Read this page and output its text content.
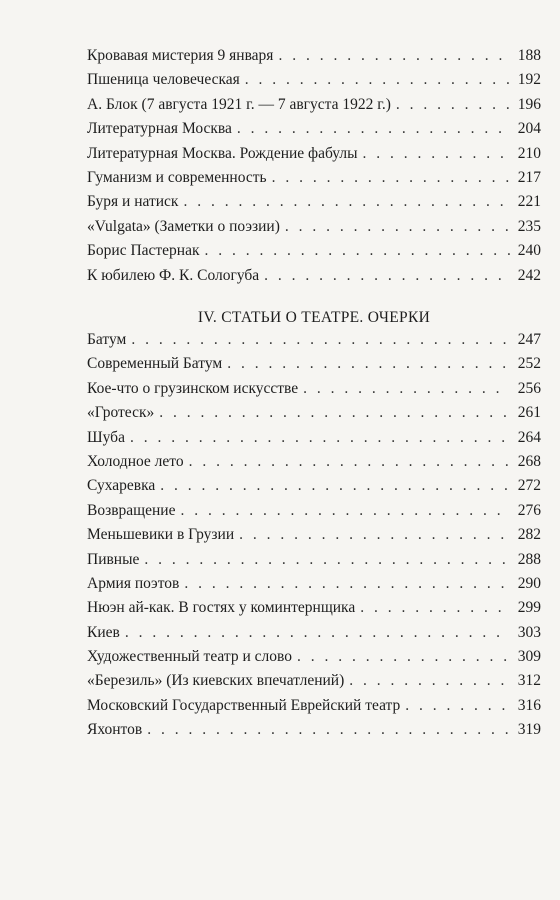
Кровавая мистерия 9 января . . .	188
Пшеница человеческая . . .	192
А. Блок (7 августа 1921 г. — 7 августа 1922 г.) . . .	196
Литературная Москва . . .	204
Литературная Москва. Рождение фабулы . . .	210
Гуманизм и современность . . .	217
Буря и натиск . . .	221
«Vulgata» (Заметки о поэзии) . . .	235
Борис Пастернак . . .	240
К юбилею Ф. К. Сологуба . . .	242
IV. СТАТЬИ О ТЕАТРЕ. ОЧЕРКИ
Батум . . .	247
Современный Батум . . .	252
Кое-что о грузинском искусстве . . .	256
«Гротеск» . . .	261
Шуба . . .	264
Холодное лето . . .	268
Сухаревка . . .	272
Возвращение . . .	276
Меньшевики в Грузии . . .	282
Пивные . . .	288
Армия поэтов . . .	290
Нюэн ай-как. В гостях у коминтернщика . . .	299
Киев . . .	303
Художественный театр и слово . . .	309
«Березиль» (Из киевских впечатлений) . . .	312
Московский Государственный Еврейский театр . . .	316
Яхонтов . . .	319
